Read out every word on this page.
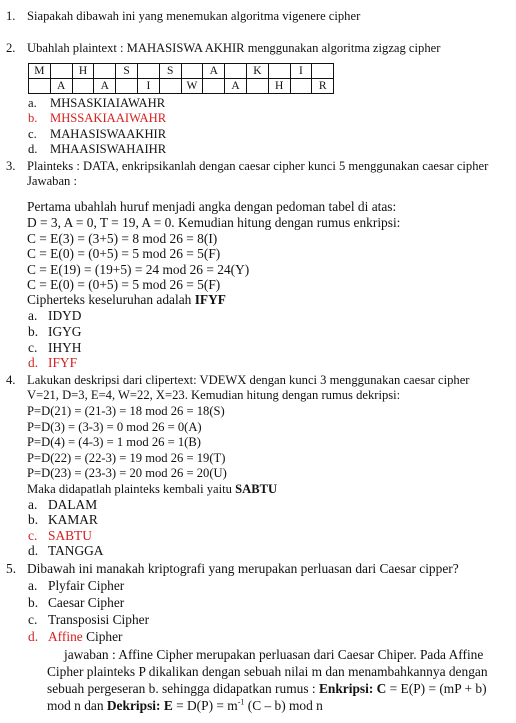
1. Siapakah dibawah ini yang menemukan algoritma vigenere cipher
2. Ubahlah plaintext : MAHASISWA AKHIR menggunakan algoritma zigzag cipher
M		H		S		S		A		K		I	
	A		A		I		W		A		H		R
a. MHSASKIAIAWAHR
b. MHSSAKIAAIWAHR
c. MAHASISWAAKHIR
d. MHAASISWAHAIHR
3. Plainteks : DATA, enkripsikanlah dengan caesar cipher kunci 5 menggunakan caesar cipher
Jawaban :
Pertama ubahlah huruf menjadi angka dengan pedoman tabel di atas:
D = 3, A = 0, T = 19, A = 0. Kemudian hitung dengan rumus enkripsi:
C = E(3) = (3+5) = 8 mod 26 = 8(I)
C = E(0) = (0+5) = 5 mod 26 = 5(F)
C = E(19) = (19+5) = 24 mod 26 = 24(Y)
C = E(0) = (0+5) = 5 mod 26 = 5(F)
Cipherteks keseluruhan adalah IFYF
a. IDYD
b. IGYG
c. IHYH
d. IFYF
4. Lakukan deskripsi dari clipertext: VDEWX dengan kunci 3 menggunakan caesar cipher
V=21, D=3, E=4, W=22, X=23. Kemudian hitung dengan rumus dekripsi:
P=D(21) = (21-3) = 18 mod 26 = 18(S)
P=D(3) = (3-3) = 0 mod 26 = 0(A)
P=D(4) = (4-3) = 1 mod 26 = 1(B)
P=D(22) = (22-3) = 19 mod 26 = 19(T)
P=D(23) = (23-3) = 20 mod 26 = 20(U)
Maka didapatlah plainteks kembali yaitu SABTU
a. DALAM
b. KAMAR
c. SABTU
d. TANGGA
5. Dibawah ini manakah kriptografi yang merupakan perluasan dari Caesar cipper?
a. Plyfair Cipher
b. Caesar Cipher
c. Transposisi Cipher
d. Affine Cipher
jawaban : Affine Cipher merupakan perluasan dari Caesar Chiper. Pada Affine
Cipher plainteks P dikalikan dengan sebuah nilai m dan menambahkannya dengan
sebuah pergeseran b. sehingga didapatkan rumus : Enkripsi: C = E(P) = (mP + b)
mod n dan Dekripsi: $E = D(P) = m^{-1}$ (C – b) mod n
